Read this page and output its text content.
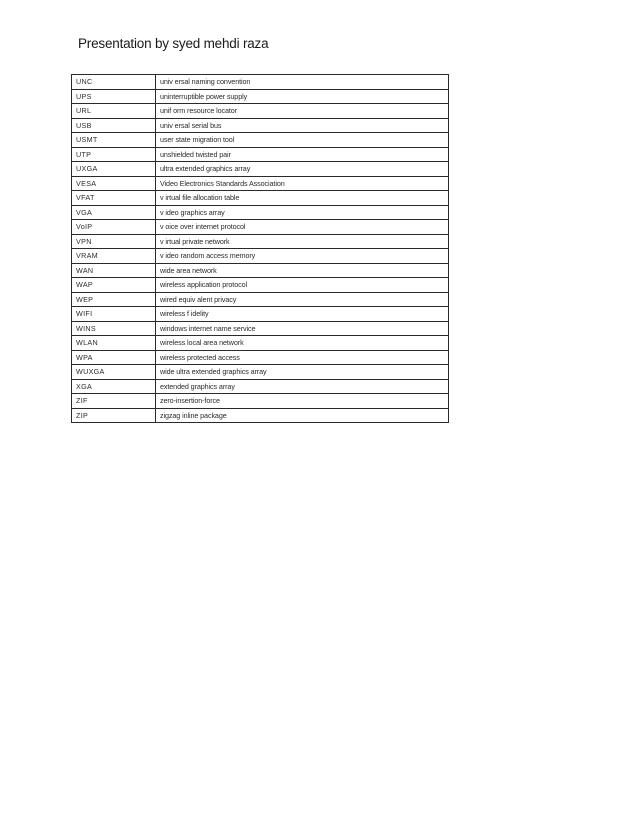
Presentation by syed mehdi raza
UNC	univ ersal naming convention
UPS	uninterruptible power supply
URL	unif orm resource locator
USB	univ ersal serial bus
USMT	user state migration tool
UTP	unshielded twisted pair
UXGA	ultra extended graphics array
VESA	Video Electronics Standards Association
VFAT	v irtual file allocation table
VGA	v ideo graphics array
VoIP	v oice over internet protocol
VPN	v irtual private network
VRAM	v ideo random access memory
WAN	wide area network
WAP	wireless application protocol
WEP	wired equiv alent privacy
WIFI	wireless f idelity
WINS	windows internet name service
WLAN	wireless local area network
WPA	wireless protected access
WUXGA	wide ultra extended graphics array
XGA	extended graphics array
ZIF	zero-insertion-force
ZIP	zigzag inline package
